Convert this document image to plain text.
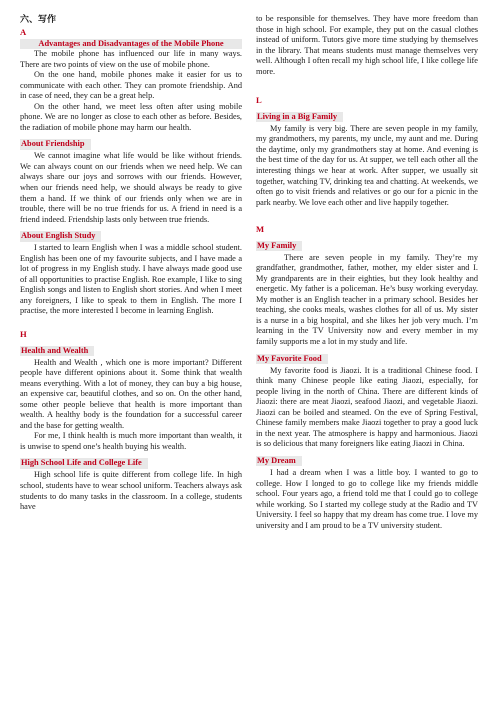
六、写作
A
Advantages and Disadvantages of the Mobile Phone

The mobile phone has influenced our life in many ways. There are two points of view on the use of mobile phone.

On the one hand, mobile phones make it easier for us to communicate with each other. They can promote friendship. And in case of need, they can be a great help.

On the other hand, we meet less often after using mobile phone. We are no longer as close to each other as before. Besides, the radiation of mobile phone may harm our health.

About Friendship

We cannot imagine what life would be like without friends. We can always count on our friends when we need help. We can always share our joys and sorrows with our friends. However, when our friends need help, we should always be ready to give them a hand. If we think of our friends only when we are in trouble, there will be no true friends for us. A friend in need is a friend indeed. Friendship lasts only between true friends.

About English Study

I started to learn English when I was a middle school student. English has been one of my favourite subjects, and I have made a lot of progress in my English study. I have always made good use of all opportunities to practise English. Roe example, I like to sing English songs and listen to English short stories. And when I meet any foreigners, I like to speak to them in English. The more I practise, the more interested I become in learning English.

H
Health and Wealth

Health and Wealth , which one is more important? Different people have different opinions about it. Some think that wealth means everything. With a lot of money, they can buy a big house, an expensive car, beautiful clothes, and so on. On the other hand, some other people believe that health is more important than wealth. A healthy body is the foundation for a successful career and the base for getting wealth.

For me, I think health is much more important than wealth, it is unwise to spend one’s health buying his wealth.

High School Life and College Life

High school life is quite different from college life. In high school, students have to wear school uniform. Teachers always ask students to do many tasks in the classroom. In a college, students have

to be responsible for themselves. They have more freedom than those in high school. For example, they put on the casual clothes instead of uniform. Tutors give more time studying by themselves in the library. That means students must manage themselves very well. Although I often recall my high school life, I like college life more.

L
Living in a Big Family

My family is very big. There are seven people in my family, my grandmothers, my parents, my uncle, my aunt and me. During the daytime, only my grandmothers stay at home. And evening is the best time of the day for us. At supper, we tell each other all the interesting things we hear at work. After supper, we usually sit together, watching TV, drinking tea and chatting. At weekends, we often go to visit friends and relatives or go our for a picnic in the park nearby. We love each other and live happily together.

M
My Family

There are seven people in my family. They’re my grandfather, grandmother, father, mother, my elder sister and I. My grandparents are in their eighties, but they look healthy and energetic. My father is a policeman. He’s busy working everyday. My mother is an English teacher in a primary school. Besides her teaching, she cooks meals, washes clothes for all of us. My sister is a nurse in a big hospital, and she likes her job very much. I’m learning in the TV University now and every member in my family supports me a lot in my study and life.

My Favorite Food

My favorite food is Jiaozi. It is a traditional Chinese food. I think many Chinese people like eating Jiaozi, especially, for people living in the north of China. There are different kinds of Jiaozi: there are meat Jiaozi, seafood Jiaozi, and vegetable Jiaozi. Jiaozi can be boiled and steamed. On the eve of Spring Festival, Chinese family members make Jiaozi together to pray a good luck in the next year. The atmosphere is happy and harmonious. Jiaozi is so delicious that many foreigners like eating Jiaozi in China.

My Dream

I had a dream when I was a little boy. I wanted to go to college. How I longed to go to college like my friends middle school. Four years ago, a friend told me that I could go to college while working. So I started my college study at the Radio and TV University. I feel so happy that my dream has come true. I love my university and I am proud to be a TV university student.
